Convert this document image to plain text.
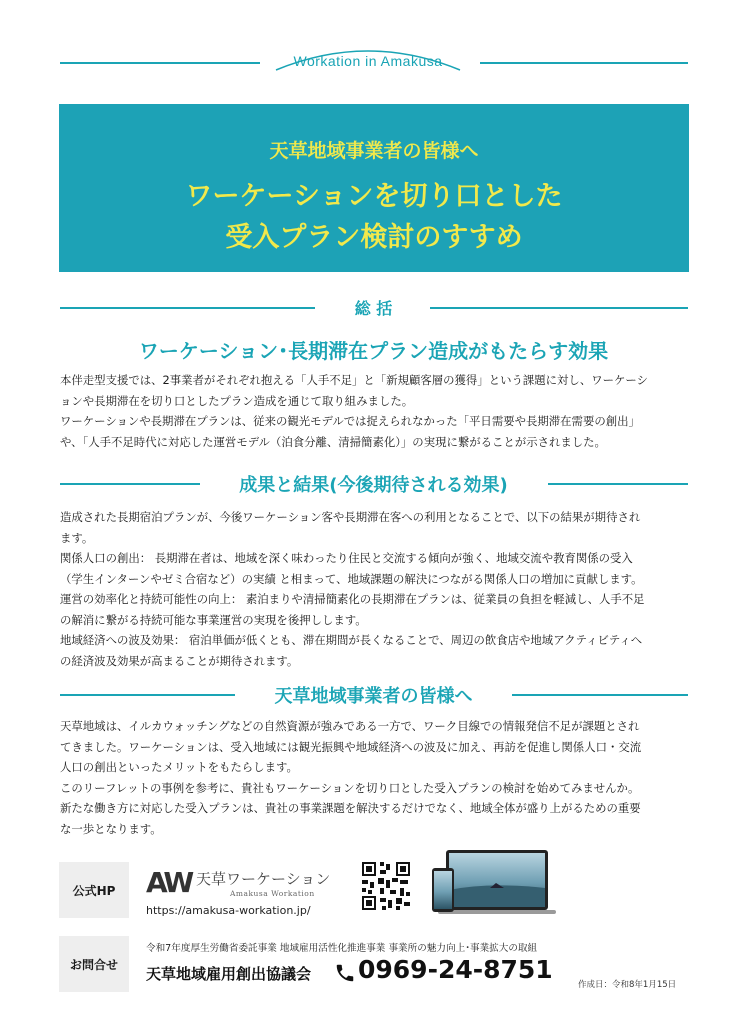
Workation in Amakusa
天草地域事業者の皆様へ
ワーケーションを切り口とした
受入プラン検討のすすめ
総 括
ワーケーション･長期滞在プラン造成がもたらす効果

本伴走型支援では、2事業者がそれぞれ抱える「人手不足」と「新規顧客層の獲得」という課題に対し、ワーケーシ

ョンや長期滞在を切り口としたプラン造成を通じて取り組みました。

ワーケーションや長期滞在プランは、従来の観光モデルでは捉えられなかった「平日需要や長期滞在需要の創出」

や、「人手不足時代に対応した運営モデル（泊食分離、清掃簡素化）」の実現に繋がることが示されました。

成果と結果(今後期待される効果)

造成された長期宿泊プランが、今後ワーケーション客や長期滞在客への利用となることで、以下の結果が期待され

ます。

関係人口の創出： 長期滞在者は、地域を深く味わったり住民と交流する傾向が強く、地域交流や教育関係の受入

（学生インターンやゼミ合宿など）の実績 と相まって、地域課題の解決につながる関係人口の増加に貢献します。

運営の効率化と持続可能性の向上： 素泊まりや清掃簡素化の長期滞在プランは、従業員の負担を軽減し、人手不足

の解消に繋がる持続可能な事業運営の実現を後押しします。

地域経済への波及効果： 宿泊単価が低くとも、滞在期間が長くなることで、周辺の飲食店や地域アクティビティへ

の経済波及効果が高まることが期待されます。

天草地域事業者の皆様へ

天草地域は、イルカウォッチングなどの自然資源が強みである一方で、ワーク目線での情報発信不足が課題とされ

てきました。ワーケーションは、受入地域には観光振興や地域経済への波及に加え、再訪を促進し関係人口・交流

人口の創出といったメリットをもたらします。

このリーフレットの事例を参考に、貴社もワーケーションを切り口とした受入プランの検討を始めてみませんか。

新たな働き方に対応した受入プランは、貴社の事業課題を解決するだけでなく、地域全体が盛り上がるための重要

な一歩となります。

公式HP AW 天草ワーケーション
Amakusa Workation
https://amakusa-workation.jp/
お問合せ
令和7年度厚生労働省委託事業 地域雇用活性化推進事業 事業所の魅力向上･事業拡大の取組
天草地域雇用創出協議会 0969-24-8751
作成日：令和8年1月15日
